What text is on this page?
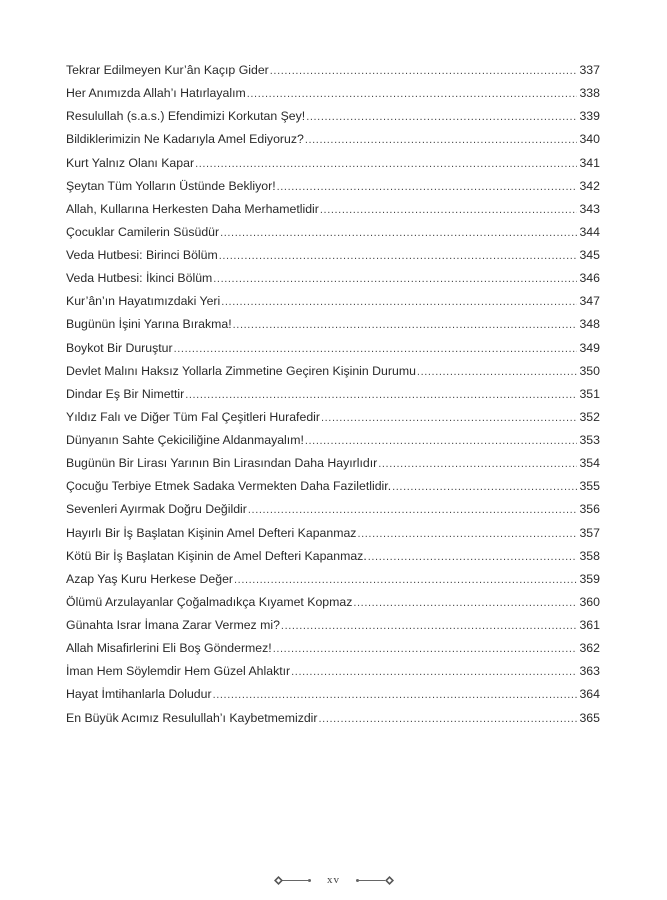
Tekrar Edilmeyen Kur’ân Kaçıp Gider .....	337
Her Anımızda Allah’ı Hatırlayalım .....	338
Resulullah (s.a.s.) Efendimizi Korkutan Şey! .....	339
Bildiklerimizin Ne Kadarıyla Amel Ediyoruz? .....	340
Kurt Yalnız Olanı Kapar .....	341
Şeytan Tüm Yolların Üstünde Bekliyor! .....	342
Allah, Kullarına Herkesten Daha Merhametlidir .....	343
Çocuklar Camilerin Süsüdür .....	344
Veda Hutbesi: Birinci Bölüm .....	345
Veda Hutbesi: İkinci Bölüm .....	346
Kur’ân’ın Hayatımızdaki Yeri .....	347
Bugünün İşini Yarına Bırakma! .....	348
Boykot Bir Duruştur .....	349
Devlet Malını Haksız Yollarla Zimmetine Geçiren Kişinin Durumu .....	350
Dindar Eş Bir Nimettir .....	351
Yıldız Falı ve Diğer Tüm Fal Çeşitleri Hurafedir .....	352
Dünyanın Sahte Çekiciliğine Aldanmayalım! .....	353
Bugünün Bir Lirası Yarının Bin Lirasından Daha Hayırlıdır .....	354
Çocuğu Terbiye Etmek Sadaka Vermekten Daha Faziletlidir. .....	355
Sevenleri Ayırmak Doğru Değildir .....	356
Hayırlı Bir İş Başlatan Kişinin Amel Defteri Kapanmaz .....	357
Kötü Bir İş Başlatan Kişinin de Amel Defteri Kapanmaz. .....	358
Azap Yaş Kuru Herkese Değer .....	359
Ölümü Arzulayanlar Çoğalmadıkça Kıyamet Kopmaz .....	360
Günahta Israr İmana Zarar Vermez mi? .....	361
Allah Misafirlerini Eli Boş Göndermez! .....	362
İman Hem Söylemdir Hem Güzel Ahlaktır .....	363
Hayat İmtihanlarla Doludur .....	364
En Büyük Acımız Resulullah’ı Kaybetmemizdir .....	365
xv
